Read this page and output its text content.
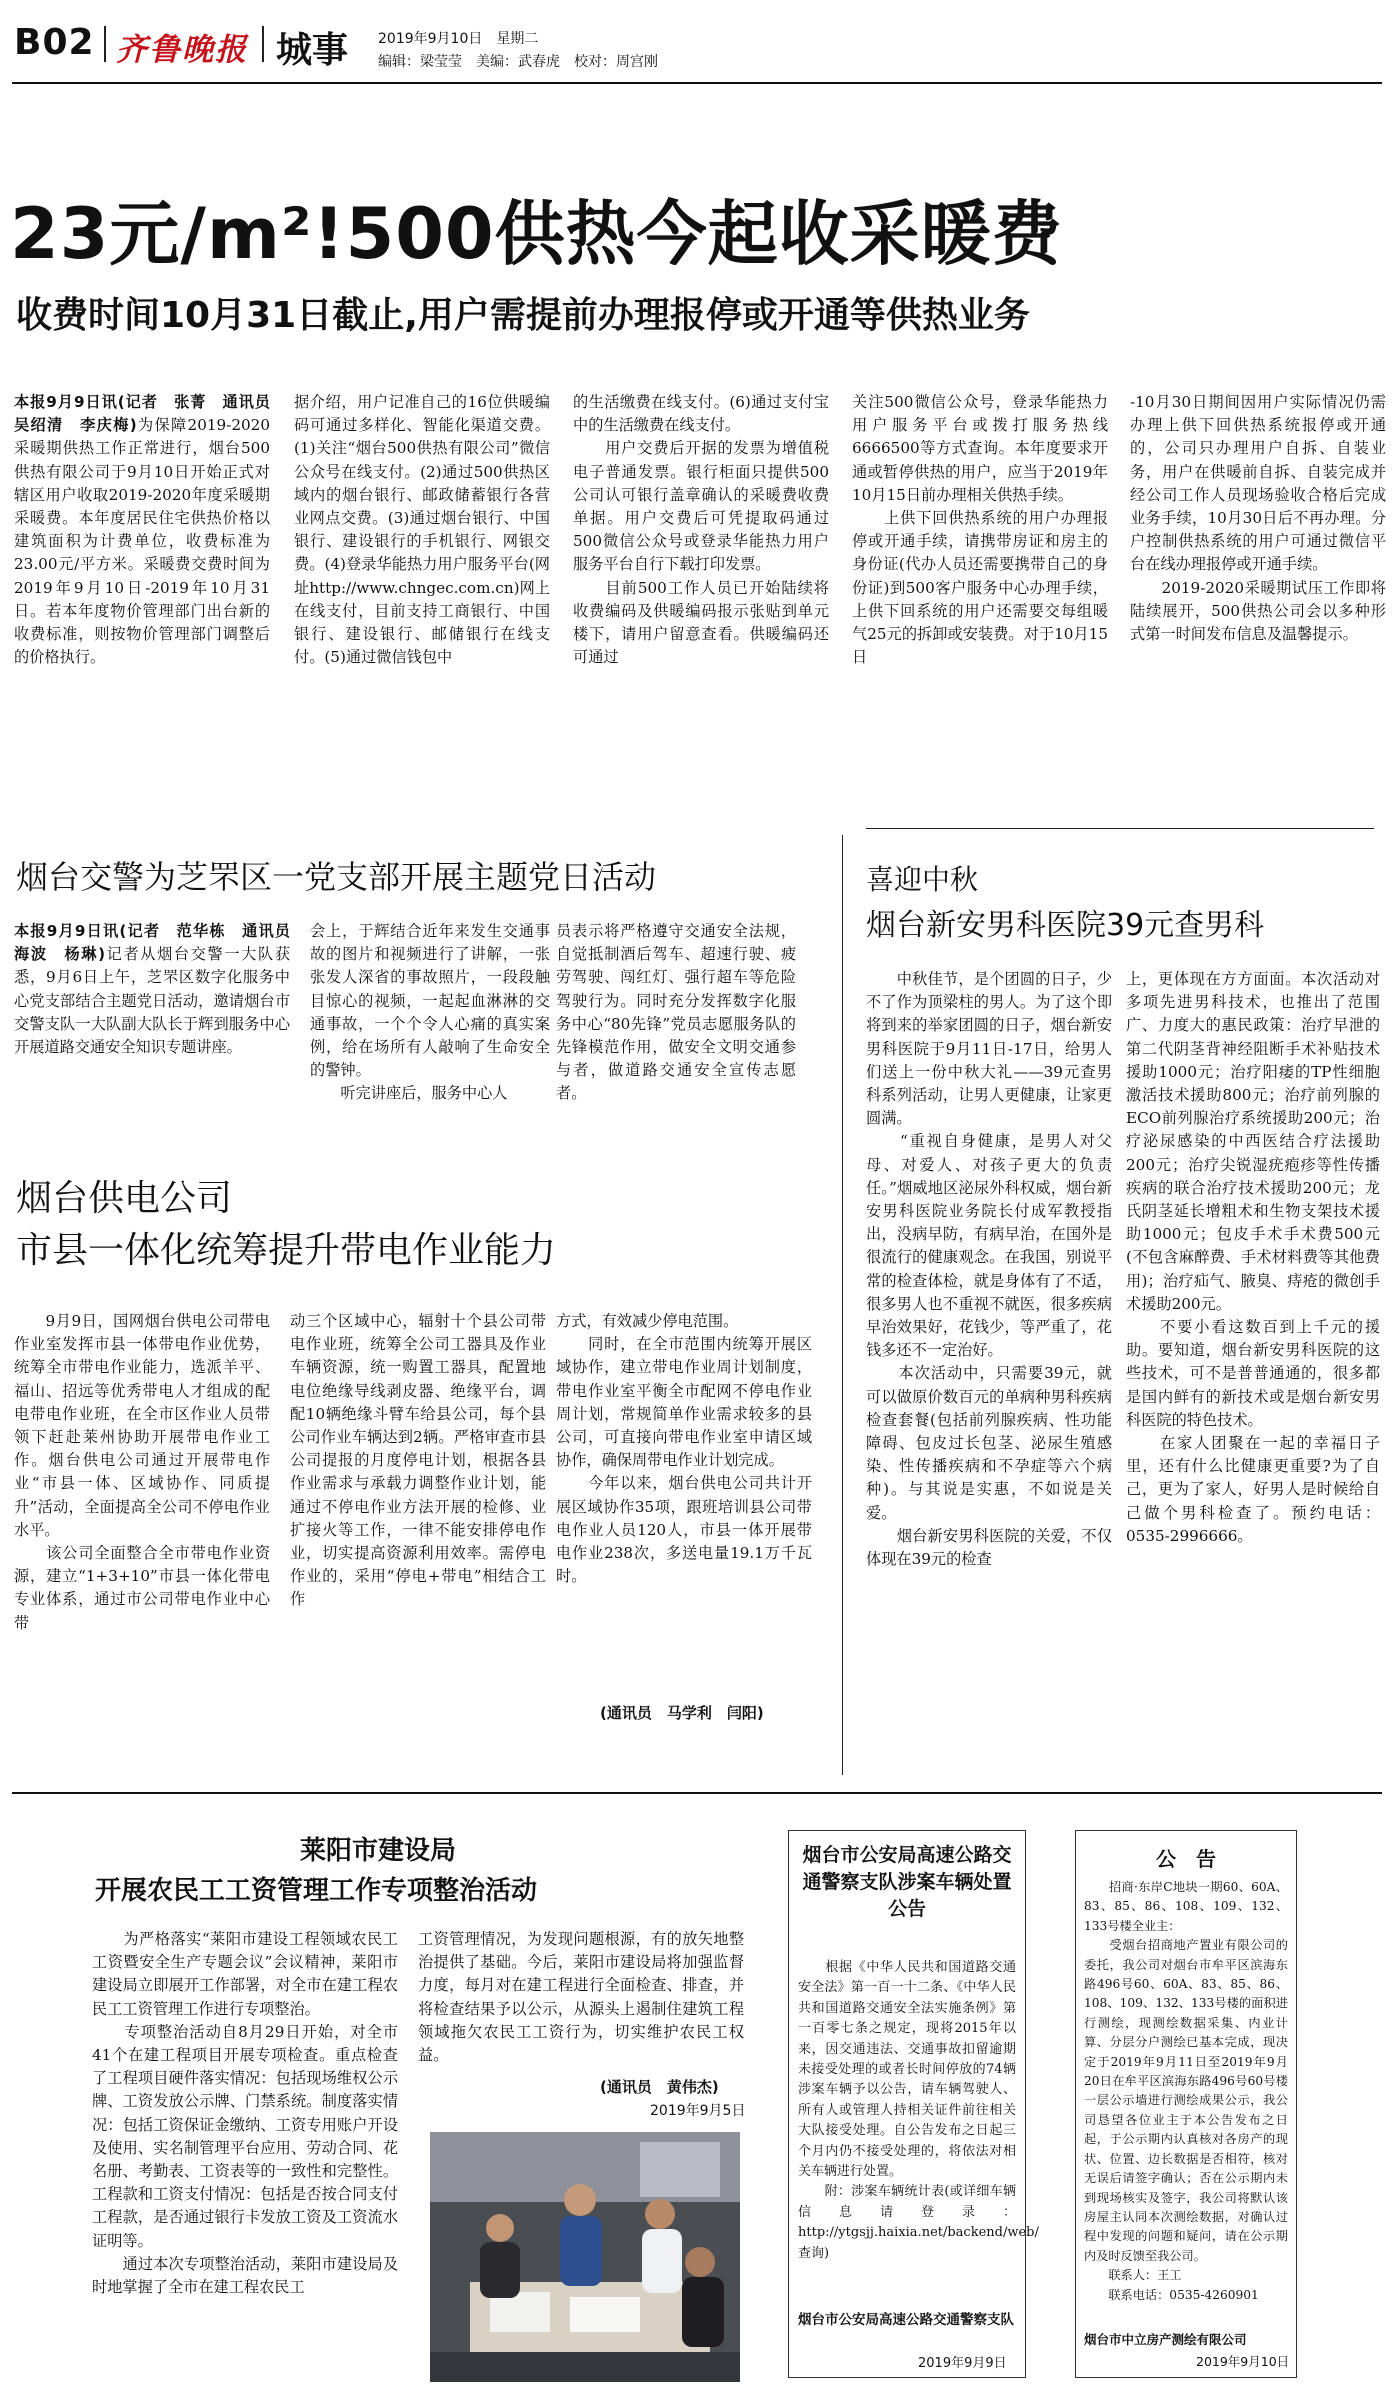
B02 齐鲁晚报 城事 2019年9月10日　星期二
编辑：梁莹莹　美编：武春虎　校对：周宫刚
23元/m²!500供热今起收采暖费
收费时间10月31日截止,用户需提前办理报停或开通等供热业务
本报9月9日讯(记者　张菁　通讯员　吴绍清　李庆梅)为保障2019-2020采暖期供热工作正常进行，烟台500供热有限公司于9月10日开始正式对辖区用户收取2019-2020年度采暖期采暖费。本年度居民住宅供热价格以建筑面积为计费单位，收费标准为23.00元/平方米。采暖费交费时间为2019年9月10日-2019年10月31日。若本年度物价管理部门出台新的收费标准，则按物价管理部门调整后的价格执行。
据介绍，用户记准自己的16位供暖编码可通过多样化、智能化渠道交费。(1)关注“烟台500供热有限公司”微信公众号在线支付。(2)通过500供热区域内的烟台银行、邮政储蓄银行各营业网点交费。(3)通过烟台银行、中国银行、建设银行的手机银行、网银交费。(4)登录华能热力用户服务平台(网址http://www.chngec.com.cn)网上在线支付，目前支持工商银行、中国银行、建设银行、邮储银行在线支付。(5)通过微信钱包中
的生活缴费在线支付。(6)通过支付宝中的生活缴费在线支付。
　　用户交费后开据的发票为增值税电子普通发票。银行柜面只提供500公司认可银行盖章确认的采暖费收费单据。用户交费后可凭提取码通过500微信公众号或登录华能热力用户服务平台自行下载打印发票。
　　目前500工作人员已开始陆续将收费编码及供暖编码报示张贴到单元楼下，请用户留意查看。供暖编码还可通过
关注500微信公众号，登录华能热力用户服务平台或拨打服务热线6666500等方式查询。本年度要求开通或暂停供热的用户，应当于2019年10月15日前办理相关供热手续。
　　上供下回供热系统的用户办理报停或开通手续，请携带房证和房主的身份证(代办人员还需要携带自己的身份证)到500客户服务中心办理手续，上供下回系统的用户还需要交每组暖气25元的拆卸或安装费。对于10月15日
-10月30日期间因用户实际情况仍需办理上供下回供热系统报停或开通的，公司只办理用户自拆、自装业务，用户在供暖前自拆、自装完成并经公司工作人员现场验收合格后完成业务手续，10月30日后不再办理。分户控制供热系统的用户可通过微信平台在线办理报停或开通手续。
　　2019-2020采暖期试压工作即将陆续展开，500供热公司会以多种形式第一时间发布信息及温馨提示。
烟台交警为芝罘区一党支部开展主题党日活动
本报9月9日讯(记者　范华栋　通讯员　海波　杨琳)记者从烟台交警一大队获悉，9月6日上午，芝罘区数字化服务中心党支部结合主题党日活动，邀请烟台市交警支队一大队副大队长于辉到服务中心开展道路交通安全知识专题讲座。
会上，于辉结合近年来发生交通事故的图片和视频进行了讲解，一张张发人深省的事故照片，一段段触目惊心的视频，一起起血淋淋的交通事故，一个个令人心痛的真实案例，给在场所有人敲响了生命安全的警钟。
　　听完讲座后，服务中心人
员表示将严格遵守交通安全法规，自觉抵制酒后驾车、超速行驶、疲劳驾驶、闯红灯、强行超车等危险驾驶行为。同时充分发挥数字化服务中心“80先锋”党员志愿服务队的先锋模范作用，做安全文明交通参与者，做道路交通安全宣传志愿者。
烟台供电公司
市县一体化统筹提升带电作业能力
　　9月9日，国网烟台供电公司带电作业室发挥市县一体带电作业优势，统筹全市带电作业能力，选派羊平、福山、招远等优秀带电人才组成的配电带电作业班，在全市区作业人员带领下赶赴莱州协助开展带电作业工作。烟台供电公司通过开展带电作业“市县一体、区域协作、同质提升”活动，全面提高全公司不停电作业水平。
　　该公司全面整合全市带电作业资源，建立“1+3+10”市县一体化带电专业体系，通过市公司带电作业中心带
动三个区域中心，辐射十个县公司带电作业班，统筹全公司工器具及作业车辆资源，统一购置工器具，配置地电位绝缘导线剥皮器、绝缘平台，调配10辆绝缘斗臂车给县公司，每个县公司作业车辆达到2辆。严格审查市县公司提报的月度停电计划，根据各县作业需求与承载力调整作业计划，能通过不停电作业方法开展的检修、业扩接火等工作，一律不能安排停电作业，切实提高资源利用效率。需停电作业的，采用“停电+带电”相结合工作
方式，有效减少停电范围。
　　同时，在全市范围内统筹开展区域协作，建立带电作业周计划制度，带电作业室平衡全市配网不停电作业周计划，常规简单作业需求较多的县公司，可直接向带电作业室申请区域协作，确保周带电作业计划完成。
　　今年以来，烟台供电公司共计开展区域协作35项，跟班培训县公司带电作业人员120人，市县一体开展带电作业238次，多送电量19.1万千瓦时。
(通讯员　马学利　闫阳)
喜迎中秋
烟台新安男科医院39元查男科
　　中秋佳节，是个团圆的日子，少不了作为顶梁柱的男人。为了这个即将到来的举家团圆的日子，烟台新安男科医院于9月11日-17日，给男人们送上一份中秋大礼——39元查男科系列活动，让男人更健康，让家更圆满。
　　“重视自身健康，是男人对父母、对爱人、对孩子更大的负责任。”烟威地区泌尿外科权威，烟台新安男科医院业务院长付成军教授指出，没病早防，有病早治，在国外是很流行的健康观念。在我国，别说平常的检查体检，就是身体有了不适，很多男人也不重视不就医，很多疾病早治效果好，花钱少，等严重了，花钱多还不一定治好。
　　本次活动中，只需要39元，就可以做原价数百元的单病种男科疾病检查套餐(包括前列腺疾病、性功能障碍、包皮过长包茎、泌尿生殖感染、性传播疾病和不孕症等六个病种)。与其说是实惠，不如说是关爱。
　　烟台新安男科医院的关爱，不仅体现在39元的检查
上，更体现在方方面面。本次活动对多项先进男科技术，也推出了范围广、力度大的惠民政策：治疗早泄的第二代阴茎背神经阻断手术补贴技术援助1000元；治疗阳痿的TP性细胞激活技术援助800元；治疗前列腺的ECO前列腺治疗系统援助200元；治疗泌尿感染的中西医结合疗法援助200元；治疗尖锐湿疣疱疹等性传播疾病的联合治疗技术援助200元；龙氏阴茎延长增粗术和生物支架技术援助1000元；包皮手术手术费500元(不包含麻醉费、手术材料费等其他费用)；治疗疝气、腋臭、痔疮的微创手术援助200元。
　　不要小看这数百到上千元的援助。要知道，烟台新安男科医院的这些技术，可不是普普通通的，很多都是国内鲜有的新技术或是烟台新安男科医院的特色技术。
　　在家人团聚在一起的幸福日子里，还有什么比健康更重要?为了自己，更为了家人，好男人是时候给自己做个男科检查了。预约电话：0535-2996666。
莱阳市建设局
开展农民工工资管理工作专项整治活动
　　为严格落实“莱阳市建设工程领域农民工工资暨安全生产专题会议”会议精神，莱阳市建设局立即展开工作部署，对全市在建工程农民工工资管理工作进行专项整治。
　　专项整治活动自8月29日开始，对全市41个在建工程项目开展专项检查。重点检查了工程项目硬件落实情况：包括现场维权公示牌、工资发放公示牌、门禁系统。制度落实情况：包括工资保证金缴纳、工资专用账户开设及使用、实名制管理平台应用、劳动合同、花名册、考勤表、工资表等的一致性和完整性。工程款和工资支付情况：包括是否按合同支付工程款，是否通过银行卡发放工资及工资流水证明等。
　　通过本次专项整治活动，莱阳市建设局及时地掌握了全市在建工程农民工
工资管理情况，为发现问题根源，有的放矢地整治提供了基础。今后，莱阳市建设局将加强监督力度，每月对在建工程进行全面检查、排查，并将检查结果予以公示，从源头上遏制住建筑工程领域拖欠农民工工资行为，切实维护农民工权益。
(通讯员　黄伟杰)
2019年9月5日
烟台市公安局高速公路交通警察支队涉案车辆处置公告
　　根据《中华人民共和国道路交通安全法》第一百一十二条、《中华人民共和国道路交通安全法实施条例》第一百零七条之规定，现将2015年以来，因交通违法、交通事故扣留逾期未接受处理的或者长时间停放的74辆涉案车辆予以公告，请车辆驾驶人、所有人或管理人持相关证件前往相关大队接受处理。自公告发布之日起三个月内仍不接受处理的，将依法对相关车辆进行处置。
　　附：涉案车辆统计表(或详细车辆信息请登录：http://ytgsjj.haixia.net/backend/web/查询)
烟台市公安局高速公路交通警察支队
2019年9月9日
公　告
　　招商·东岸C地块一期60、60A、83、85、86、108、109、132、133号楼全业主：
　　受烟台招商地产置业有限公司的委托，我公司对烟台市牟平区滨海东路496号60、60A、83、85、86、108、109、132、133号楼的面积进行测绘，现测绘数据采集、内业计算、分层分户测绘已基本完成，现决定于2019年9月11日至2019年9月20日在牟平区滨海东路496号60号楼一层公示墙进行测绘成果公示，我公司恳望各位业主于本公告发布之日起，于公示期内认真核对各房产的现状、位置、边长数据是否相符，核对无误后请签字确认；否在公示期内未到现场核实及签字，我公司将默认该房屋主认同本次测绘数据，对确认过程中发现的问题和疑问，请在公示期内及时反馈至我公司。
　　联系人：王工
　　联系电话：0535-4260901
烟台市中立房产测绘有限公司
2019年9月10日
